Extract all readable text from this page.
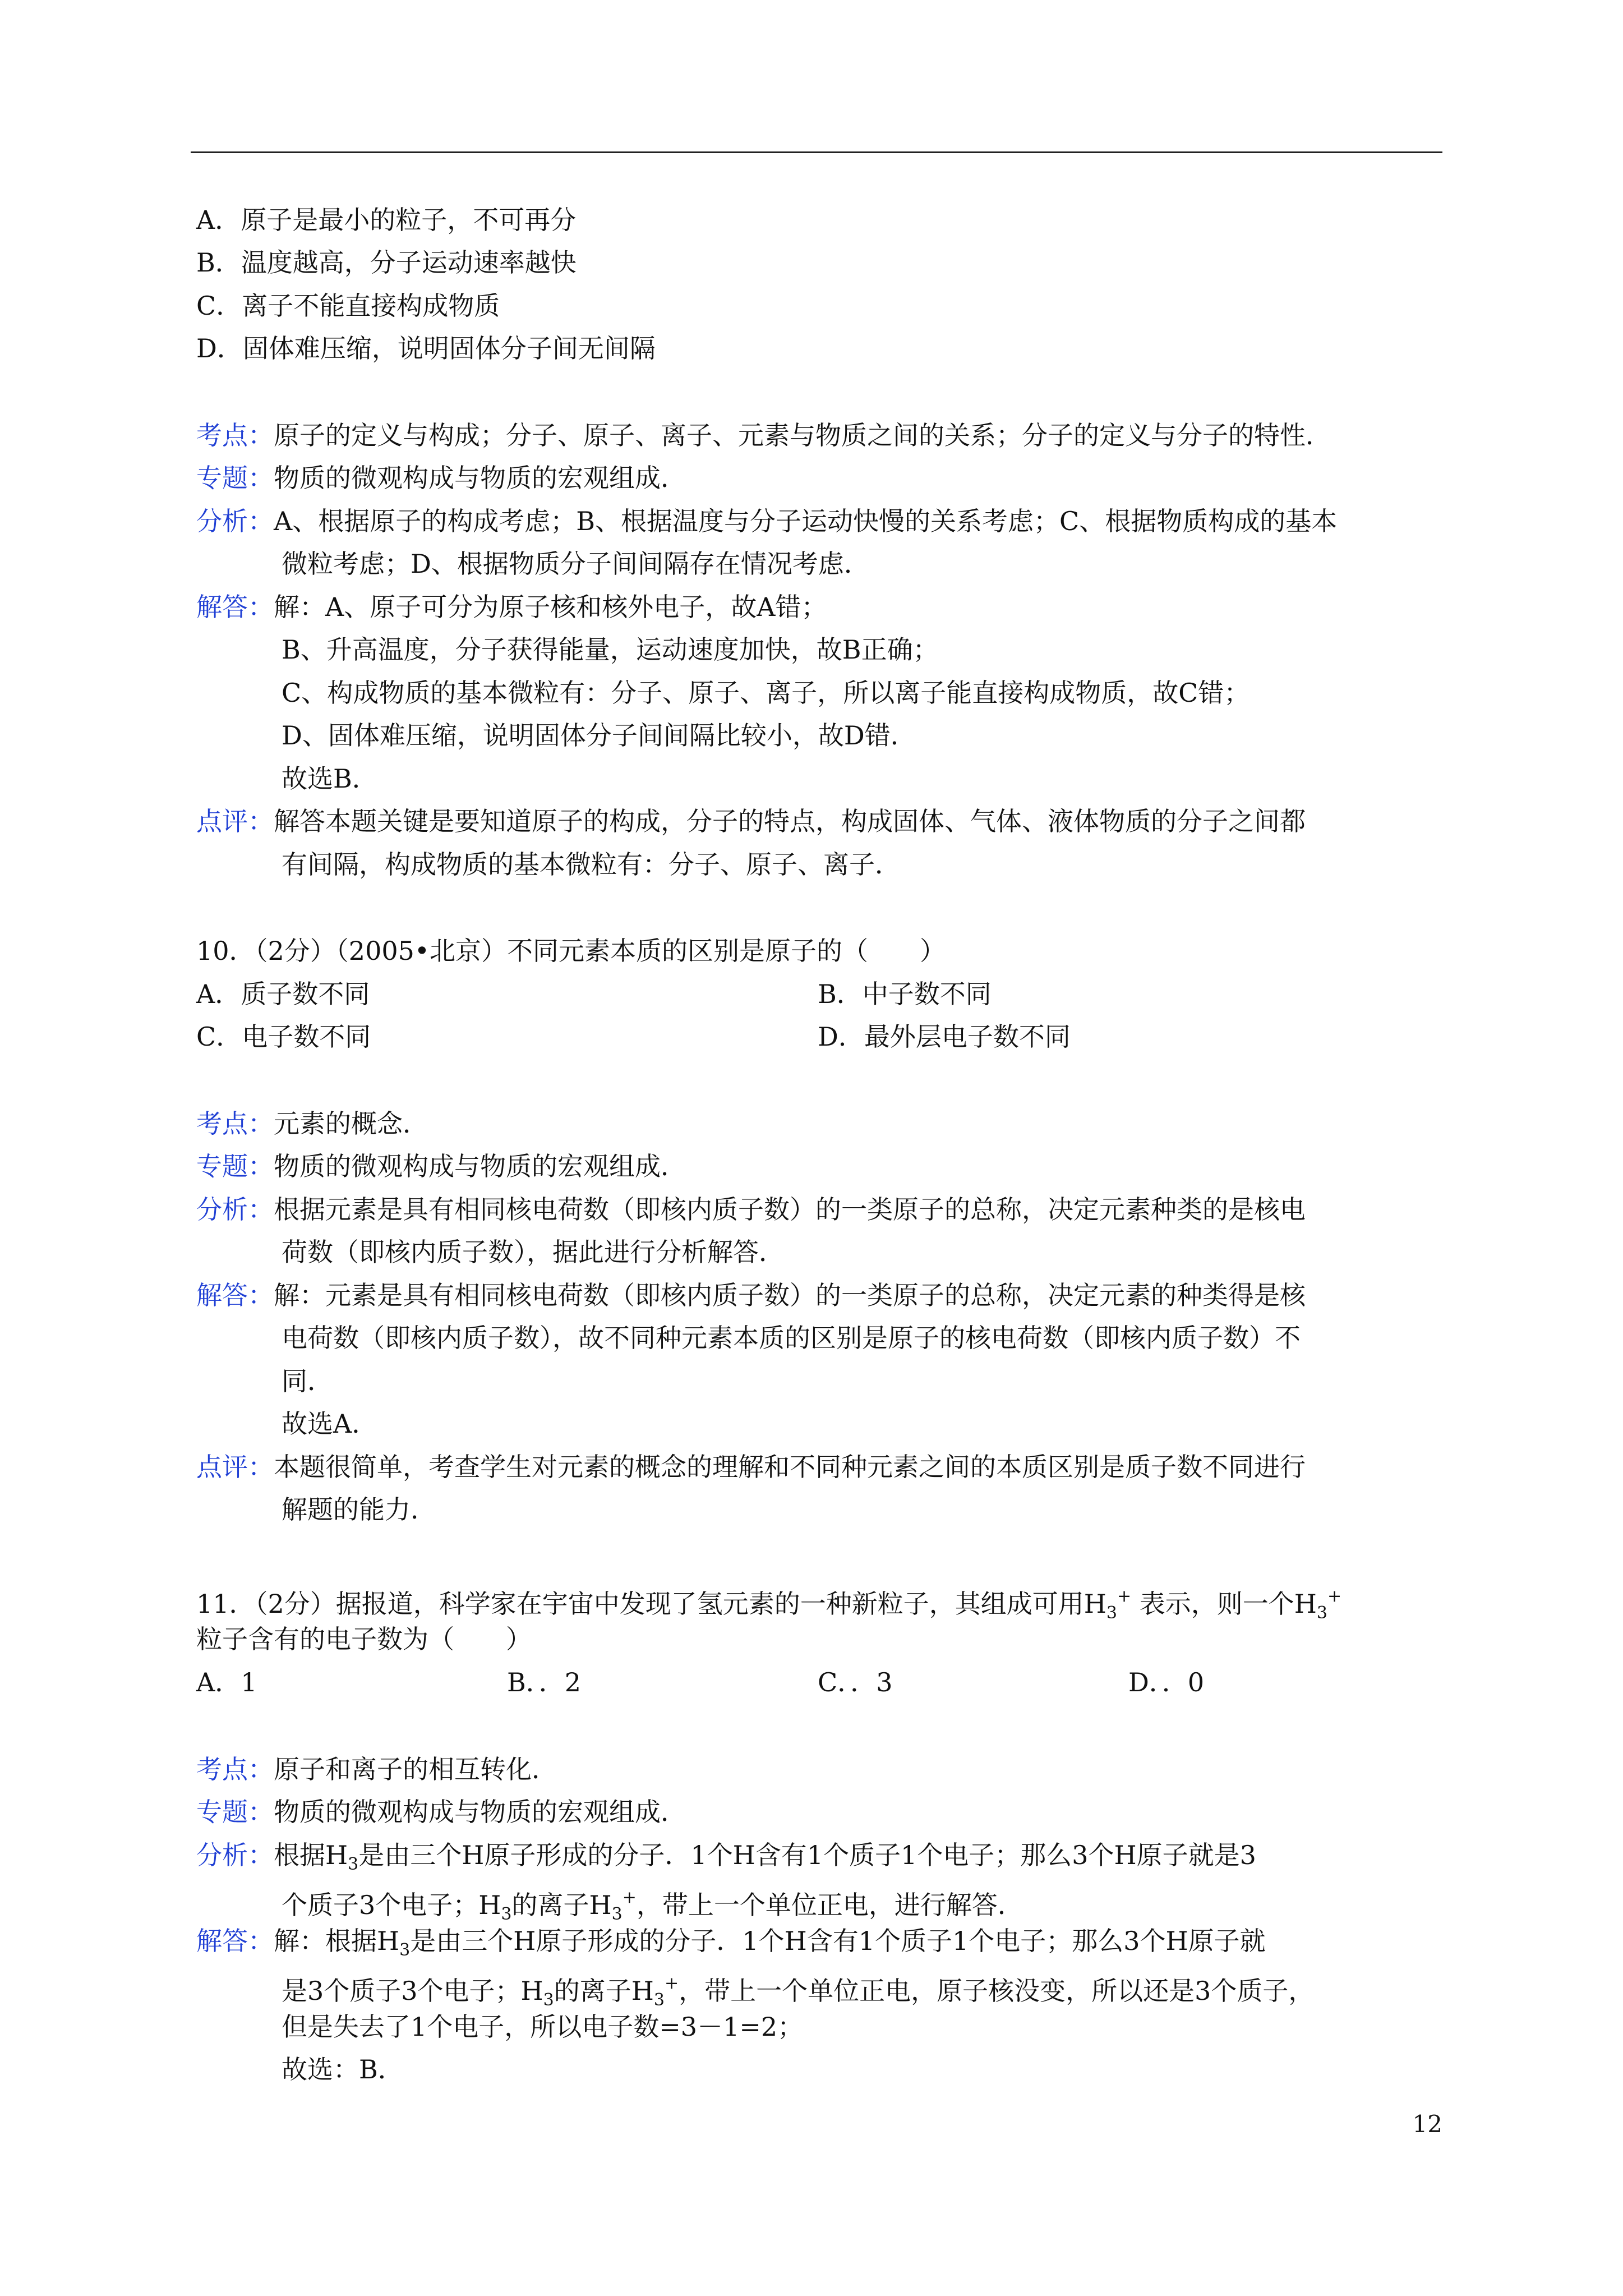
A．原子是最小的粒子，不可再分
B．温度越高，分子运动速率越快
C．离子不能直接构成物质
D．固体难压缩，说明固体分子间无间隔
考点：原子的定义与构成；分子、原子、离子、元素与物质之间的关系；分子的定义与分子的特性．
专题：物质的微观构成与物质的宏观组成．
分析：A、根据原子的构成考虑；B、根据温度与分子运动快慢的关系考虑；C、根据物质构成的基本
微粒考虑；D、根据物质分子间间隔存在情况考虑．
解答：解：A、原子可分为原子核和核外电子，故A错；
B、升高温度，分子获得能量，运动速度加快，故B正确；
C、构成物质的基本微粒有：分子、原子、离子，所以离子能直接构成物质，故C错；
D、固体难压缩，说明固体分子间间隔比较小，故D错．
故选B．
点评：解答本题关键是要知道原子的构成，分子的特点，构成固体、气体、液体物质的分子之间都
有间隔，构成物质的基本微粒有：分子、原子、离子．
10．（2分）（2005•北京）不同元素本质的区别是原子的（　　）
A．质子数不同	B．中子数不同
C．电子数不同	D．最外层电子数不同
考点：元素的概念．
专题：物质的微观构成与物质的宏观组成．
分析：根据元素是具有相同核电荷数（即核内质子数）的一类原子的总称，决定元素种类的是核电
荷数（即核内质子数），据此进行分析解答．
解答：解：元素是具有相同核电荷数（即核内质子数）的一类原子的总称，决定元素的种类得是核
电荷数（即核内质子数），故不同种元素本质的区别是原子的核电荷数（即核内质子数）不
同．
故选A．
点评：本题很简单，考查学生对元素的概念的理解和不同种元素之间的本质区别是质子数不同进行
解题的能力．
11．（2分）据报道，科学家在宇宙中发现了氢元素的一种新粒子，其组成可用$H_3^+$ 表示，则一个$H_3^+$
粒子含有的电子数为（　　）
A．1	B．．2	C．．3	D．．0
考点：原子和离子的相互转化．
专题：物质的微观构成与物质的宏观组成．
分析：根据$H_3$是由三个H原子形成的分子．1个H含有1个质子1个电子；那么3个H原子就是3
个质子3个电子；$H_3$的离子$H_3^+$，带上一个单位正电，进行解答．
解答：解：根据$H_3$是由三个H原子形成的分子．1个H含有1个质子1个电子；那么3个H原子就
是3个质子3个电子；$H_3$的离子$H_3^+$，带上一个单位正电，原子核没变，所以还是3个质子，
但是失去了1个电子，所以电子数=3－1=2；
故选：B．
12
